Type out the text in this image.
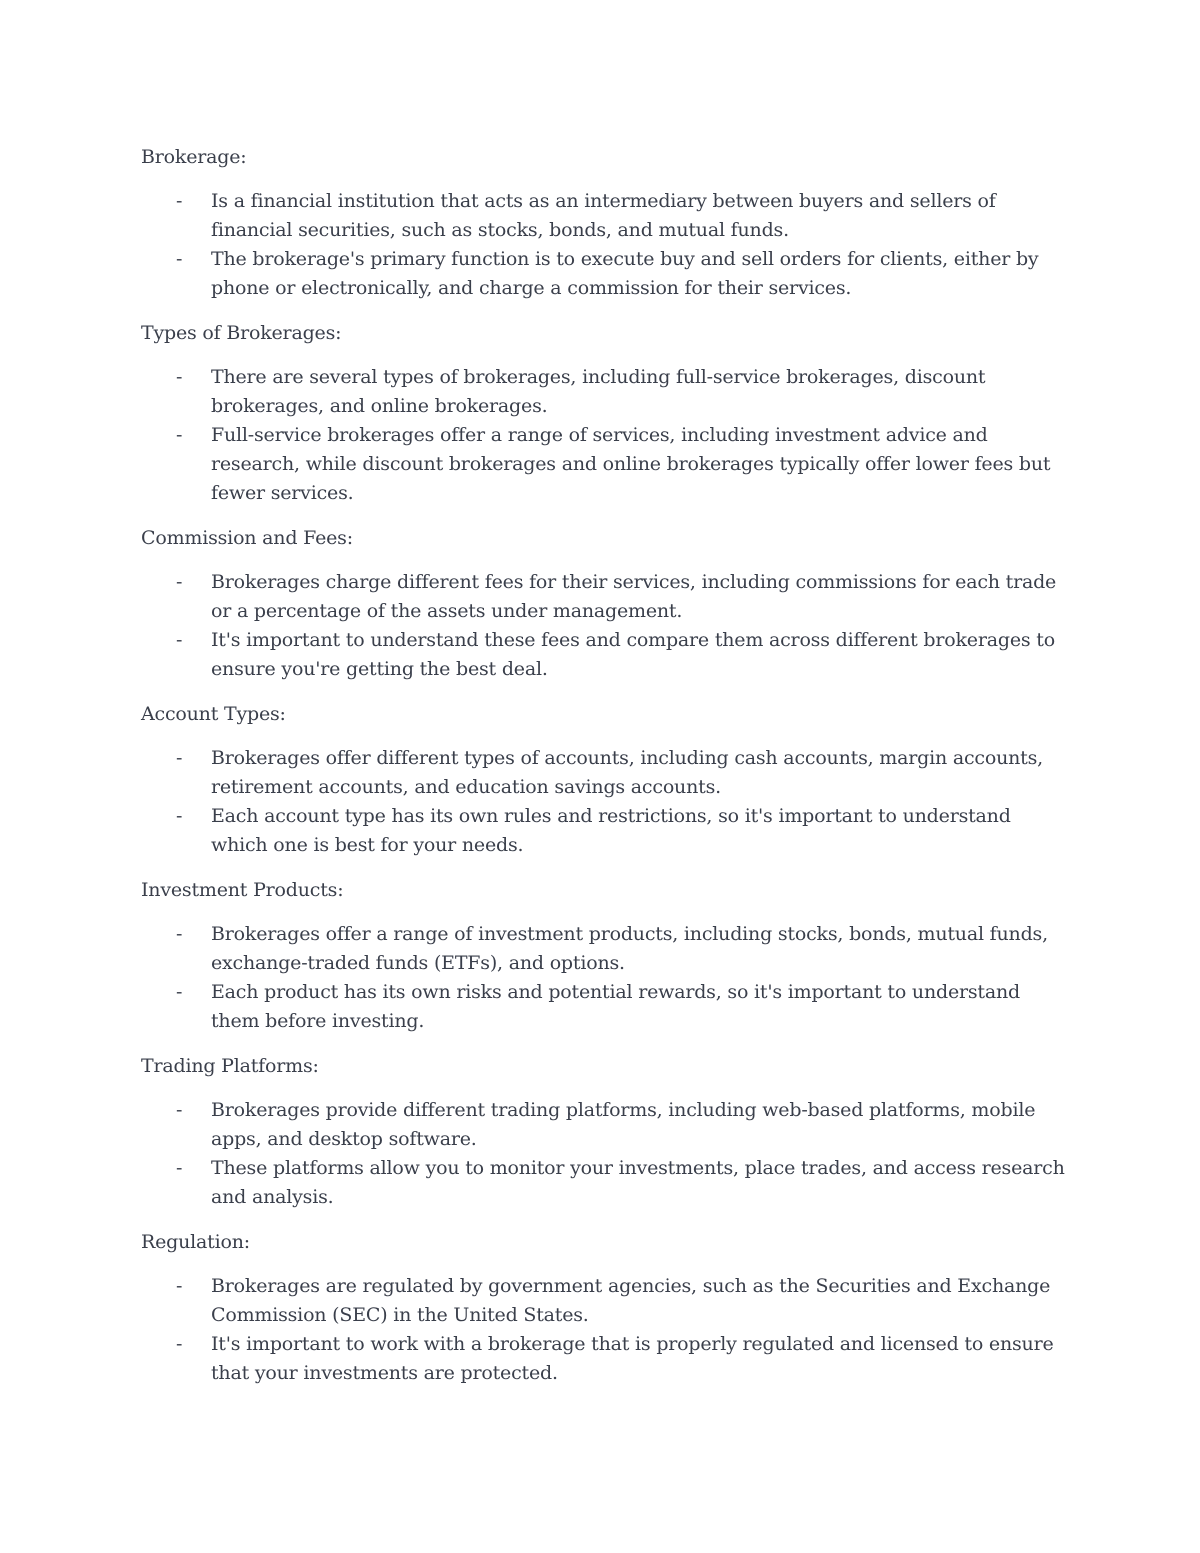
Brokerage:

- Is a financial institution that acts as an intermediary between buyers and sellers of financial securities, such as stocks, bonds, and mutual funds.
- The brokerage's primary function is to execute buy and sell orders for clients, either by phone or electronically, and charge a commission for their services.

Types of Brokerages:

- There are several types of brokerages, including full-service brokerages, discount brokerages, and online brokerages.
- Full-service brokerages offer a range of services, including investment advice and research, while discount brokerages and online brokerages typically offer lower fees but fewer services.

Commission and Fees:

- Brokerages charge different fees for their services, including commissions for each trade or a percentage of the assets under management.
- It's important to understand these fees and compare them across different brokerages to ensure you're getting the best deal.

Account Types:

- Brokerages offer different types of accounts, including cash accounts, margin accounts, retirement accounts, and education savings accounts.
- Each account type has its own rules and restrictions, so it's important to understand which one is best for your needs.

Investment Products:

- Brokerages offer a range of investment products, including stocks, bonds, mutual funds, exchange-traded funds (ETFs), and options.
- Each product has its own risks and potential rewards, so it's important to understand them before investing.

Trading Platforms:

- Brokerages provide different trading platforms, including web-based platforms, mobile apps, and desktop software.
- These platforms allow you to monitor your investments, place trades, and access research and analysis.

Regulation:

- Brokerages are regulated by government agencies, such as the Securities and Exchange Commission (SEC) in the United States.
- It's important to work with a brokerage that is properly regulated and licensed to ensure that your investments are protected.
